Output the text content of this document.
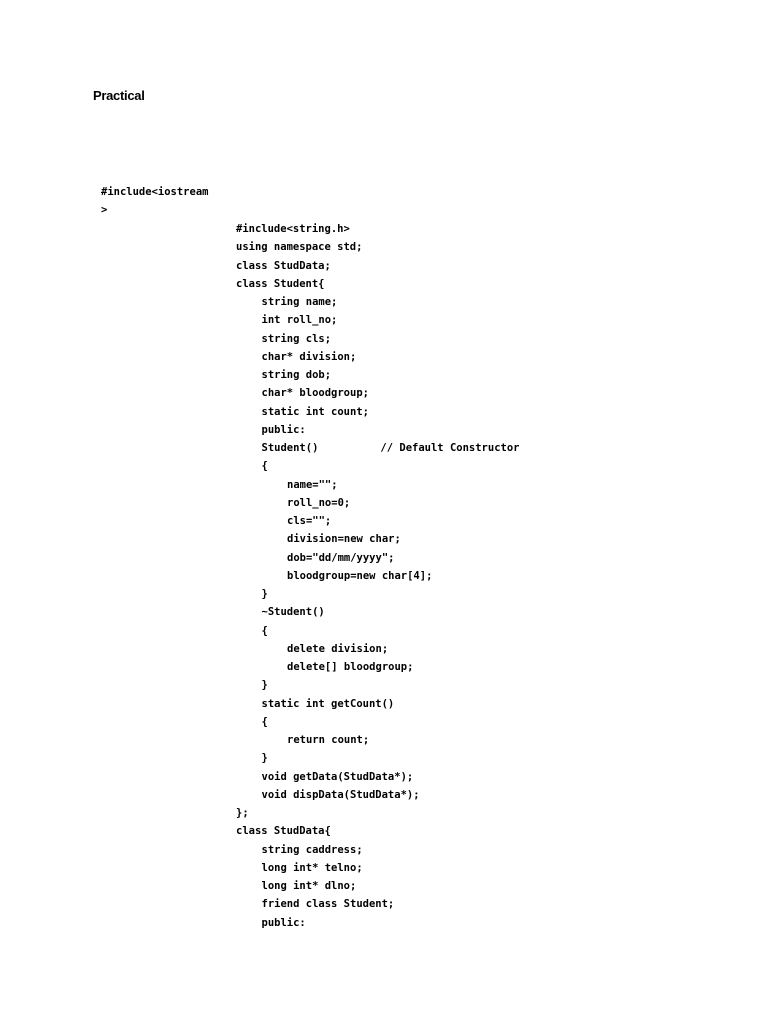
Practical
#include<iostream
>
#include<string.h>
using namespace std;
class StudData;
class Student{
string name;
int roll_no;
string cls;
char* division;
string dob;
char* bloodgroup;
static int count;
public:
Student()	// Default Constructor
{
name="";
roll_no=0;
cls="";
division=new char;
dob="dd/mm/yyyy";
bloodgroup=new char[4];
}
~Student()
{
delete division;
delete[] bloodgroup;
}
static int getCount()
{
return count;
}
void getData(StudData*);
void dispData(StudData*);
};
class StudData{
string caddress;
long int* telno;
long int* dlno;
friend class Student;
public:
